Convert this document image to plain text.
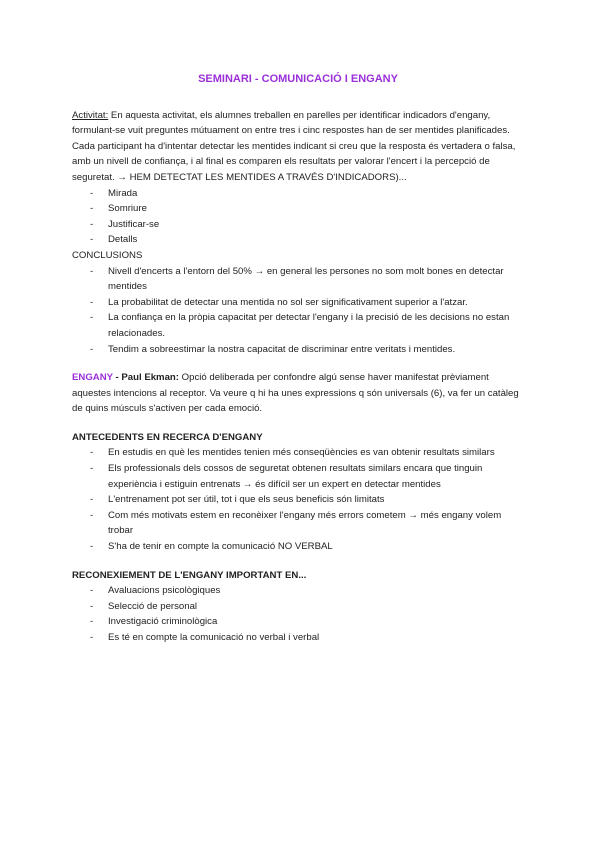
SEMINARI - COMUNICACIÓ I ENGANY

Activitat: En aquesta activitat, els alumnes treballen en parelles per identificar indicadors d'engany, formulant-se vuit preguntes mútuament on entre tres i cinc respostes han de ser mentides planificades. Cada participant ha d'intentar detectar les mentides indicant si creu que la resposta és vertadera o falsa, amb un nivell de confiança, i al final es comparen els resultats per valorar l'encert i la percepció de seguretat. → HEM DETECTAT LES MENTIDES A TRAVÉS D'INDICADORS)...

- Mirada
- Somriure
- Justificar-se
- Detalls

CONCLUSIONS

- Nivell d'encerts a l'entorn del 50% → en general les persones no som molt bones en detectar mentides
- La probabilitat de detectar una mentida no sol ser significativament superior a l'atzar.
- La confiança en la pròpia capacitat per detectar l'engany i la precisió de les decisions no estan relacionades.
- Tendim a sobreestimar la nostra capacitat de discriminar entre veritats i mentides.

ENGANY - Paul Ekman: Opció deliberada per confondre algú sense haver manifestat prèviament aquestes intencions al receptor. Va veure q hi ha unes expressions q són universals (6), va fer un catàleg de quins músculs s'activen per cada emoció.

ANTECEDENTS EN RECERCA D'ENGANY
- En estudis en què les mentides tenien més conseqüències es van obtenir resultats similars
- Els professionals dels cossos de seguretat obtenen resultats similars encara que tinguin experiència i estiguin entrenats → és difícil ser un expert en detectar mentides
- L'entrenament pot ser útil, tot i que els seus beneficis són limitats
- Com més motivats estem en reconèixer l'engany més errors cometem → més engany volem trobar
- S'ha de tenir en compte la comunicació NO VERBAL
RECONEXIEMENT DE L'ENGANY IMPORTANT EN...
- Avaluacions psicològiques
- Selecció de personal
- Investigació criminològica
- Es té en compte la comunicació no verbal i verbal
